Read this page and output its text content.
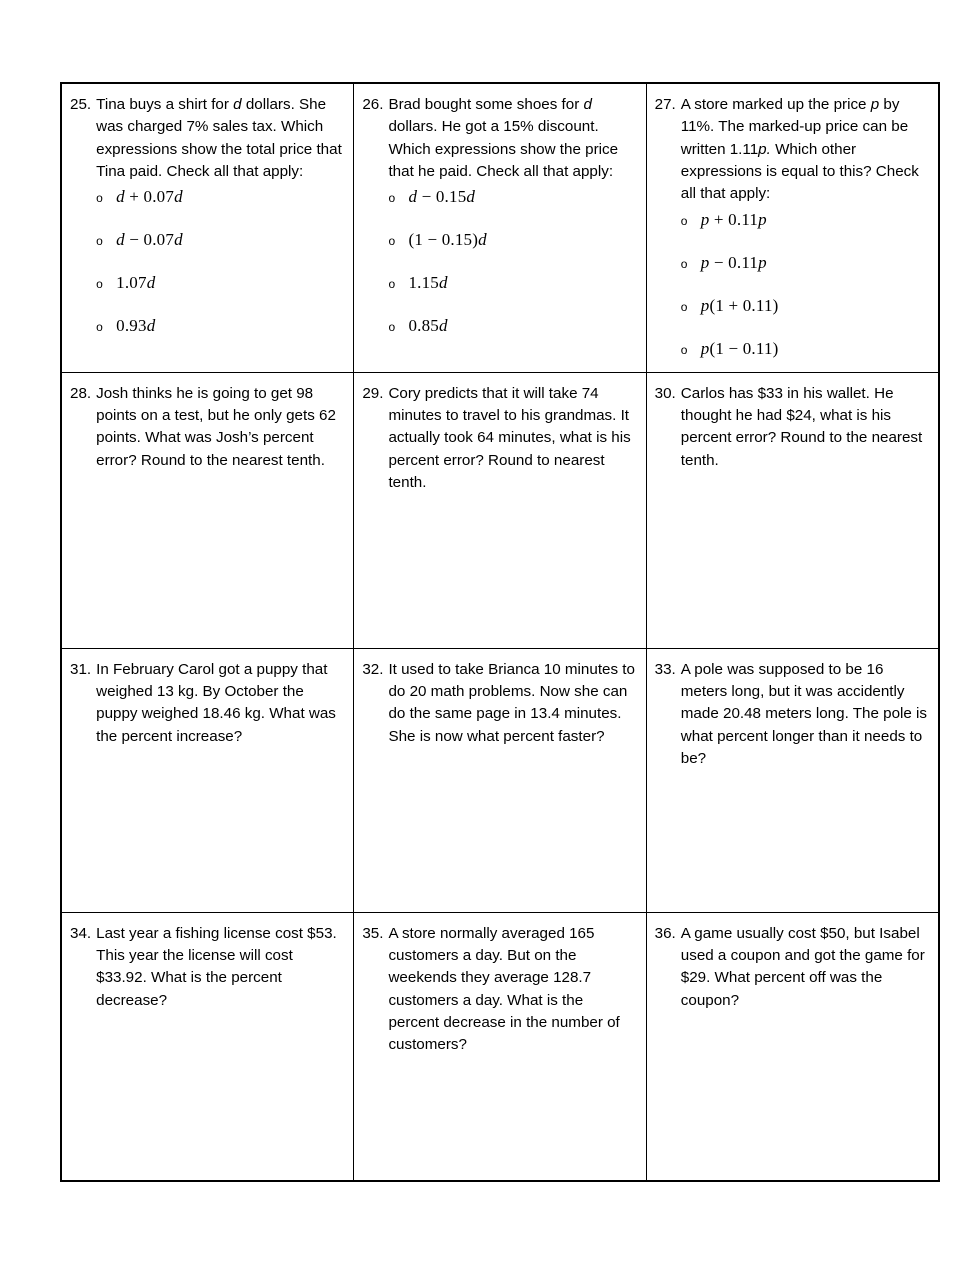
25. Tina buys a shirt for d dollars. She was charged 7% sales tax. Which expressions show the total price that Tina paid. Check all that apply:

o d + 0.07d
o d − 0.07d
o 1.07d
o 0.93d

26. Brad bought some shoes for d dollars. He got a 15% discount. Which expressions show the price that he paid. Check all that apply:

o d − 0.15d
o (1 − 0.15)d
o 1.15d
o 0.85d

27. A store marked up the price p by 11%. The marked-up price can be written 1.11p. Which other expressions is equal to this? Check all that apply:

o p + 0.11p
o p − 0.11p
o p(1 + 0.11)
o p(1 − 0.11)

28. Josh thinks he is going to get 98 points on a test, but he only gets 62 points. What was Josh’s percent error? Round to the nearest tenth.

29. Cory predicts that it will take 74 minutes to travel to his grandmas. It actually took 64 minutes, what is his percent error? Round to nearest tenth.

30. Carlos has $33 in his wallet. He thought he had $24, what is his percent error? Round to the nearest tenth.

31. In February Carol got a puppy that weighed 13 kg. By October the puppy weighed 18.46 kg. What was the percent increase?

32. It used to take Brianca 10 minutes to do 20 math problems. Now she can do the same page in 13.4 minutes. She is now what percent faster?

33. A pole was supposed to be 16 meters long, but it was accidently made 20.48 meters long. The pole is what percent longer than it needs to be?

34. Last year a fishing license cost $53. This year the license will cost $33.92. What is the percent decrease?

35. A store normally averaged 165 customers a day. But on the weekends they average 128.7 customers a day. What is the percent decrease in the number of customers?

36. A game usually cost $50, but Isabel used a coupon and got the game for $29. What percent off was the coupon?
